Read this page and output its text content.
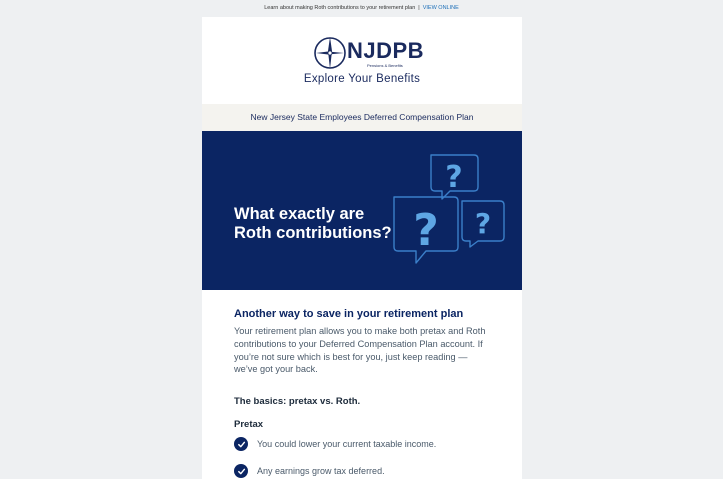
Learn about making Roth contributions to your retirement plan | VIEW ONLINE
NJDPB
Pensions & Benefits
Explore Your Benefits
New Jersey State Employees Deferred Compensation Plan
What exactly are Roth contributions?
?
? ?
Another way to save in your retirement plan

Your retirement plan allows you to make both pretax and Roth contributions to your Deferred Compensation Plan account. If you’re not sure which is best for you, just keep reading — we’ve got your back.

The basics: pretax vs. Roth.
Pretax
You could lower your current taxable income.
Any earnings grow tax deferred.
